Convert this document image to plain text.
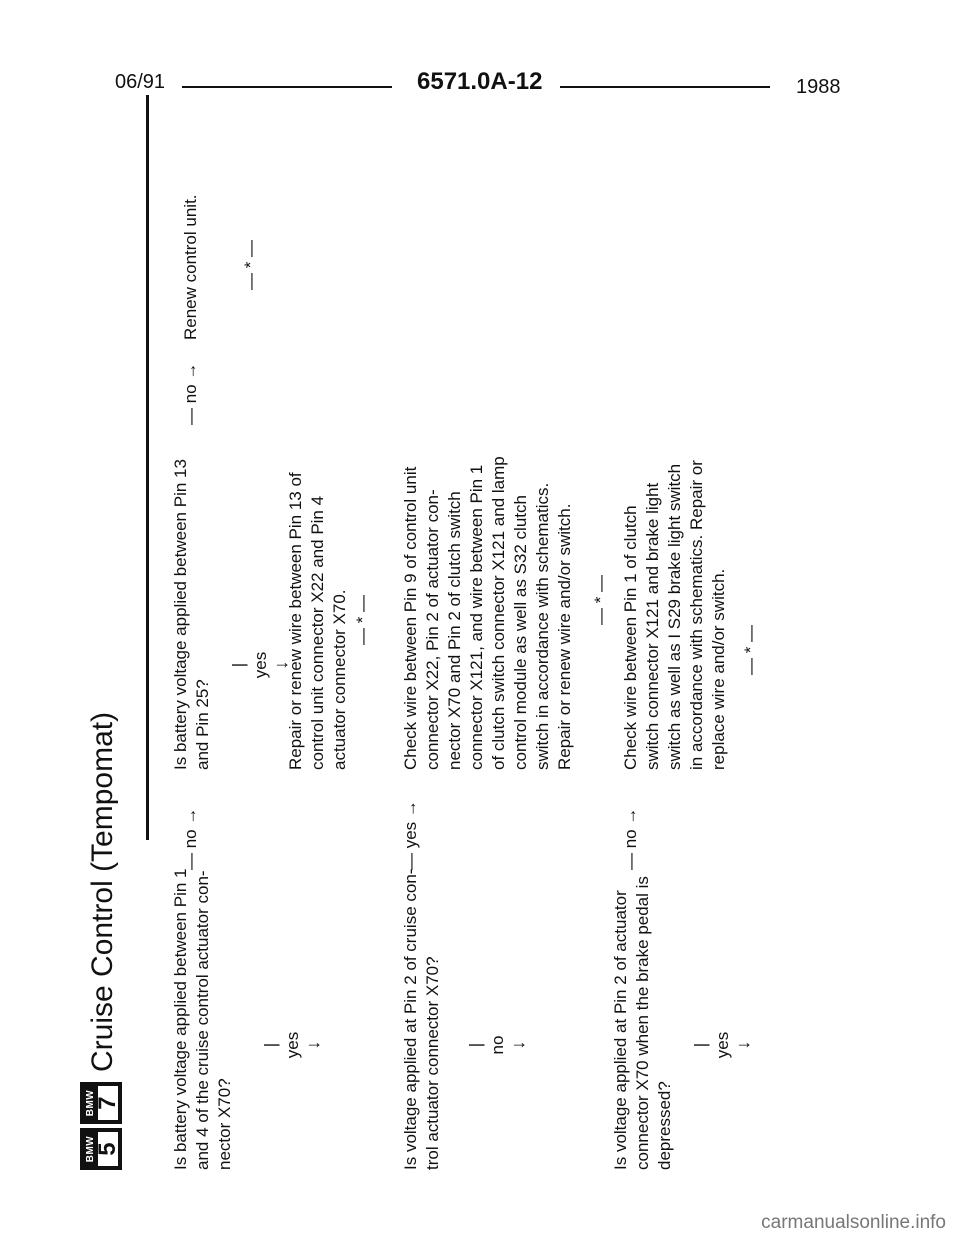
06/91	6571.0A-12	1988
BMW
5
BMW
7
Cruise Control (Tempomat)
Is battery voltage applied between Pin 1
and 4 of the cruise control actuator con-
nector X70?
— no →
| yes ↓
Is battery voltage applied between Pin 13
and Pin 25?
— no →
Renew control unit. — * —
| yes ↓
Repair or renew wire between Pin 13 of
control unit connector X22 and Pin 4
actuator connector X70. — * —
Is voltage applied at Pin 2 of cruise con-
trol actuator connector X70?
— yes →
Check wire between Pin 9 of control unit
connector X22, Pin 2 of actuator con-
nector X70 and Pin 2 of clutch switch
connector X121, and wire between Pin 1
of clutch switch connector X121 and lamp
control module as well as S32 clutch
switch in accordance with schematics.
Repair or renew wire and/or switch.
— * —
| no ↓
Is voltage applied at Pin 2 of actuator
connector X70 when the brake pedal is
depressed?
— no →
Check wire between Pin 1 of clutch
switch connector X121 and brake light
switch as well as I S29 brake light switch
in accordance with schematics. Repair or
replace wire and/or switch.
— * —
| yes ↓
carmanualsonline.info
